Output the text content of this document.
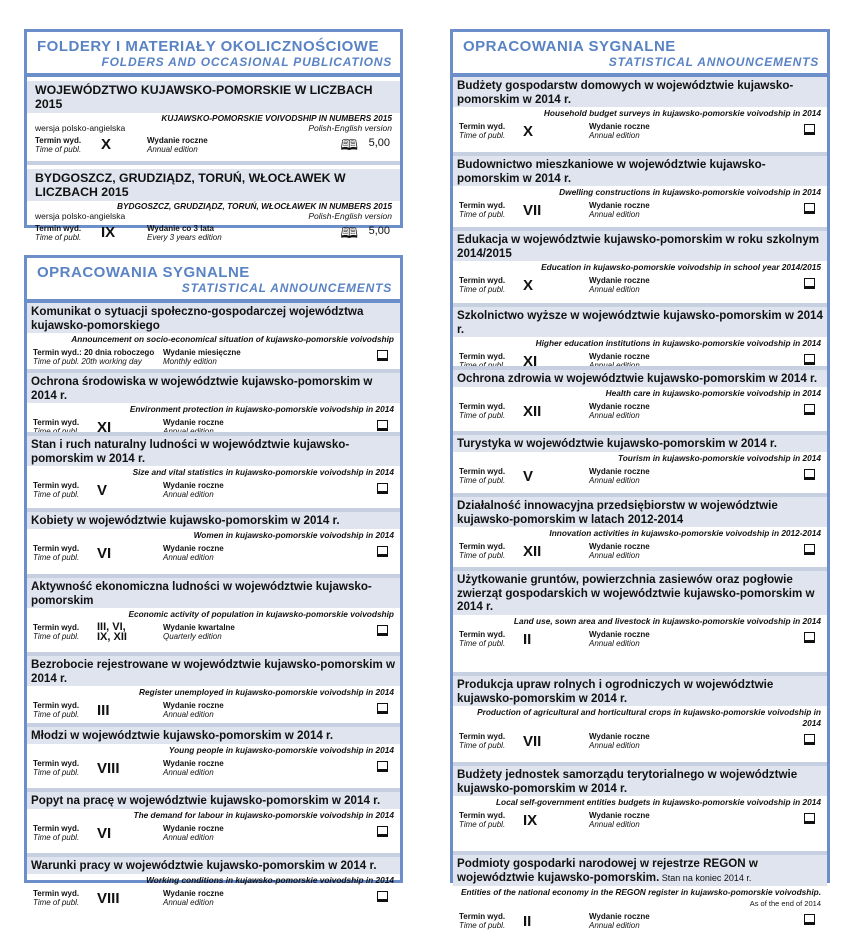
FOLDERY I MATERIAŁY OKOLICZNOŚCIOWE
FOLDERS AND OCCASIONAL PUBLICATIONS
WOJEWÓDZTWO KUJAWSKO-POMORSKIE W LICZBACH 2015
KUJAWSKO-POMORSKIE VOIVODSHIP IN NUMBERS 2015
wersja polsko-angielska	Polish-English version
Termin wyd.
Time of publ. X	Wydanie roczne
Annual edition	🕮 5,00
BYDGOSZCZ, GRUDZIĄDZ, TORUŃ, WŁOCŁAWEK W LICZBACH 2015
BYDGOSZCZ, GRUDZIĄDZ, TORUŃ, WŁOCŁAWEK IN NUMBERS 2015
wersja polsko-angielska	Polish-English version
Termin wyd.
Time of publ. IX	Wydanie co 3 lata
Every 3 years edition	🕮 5,00
OPRACOWANIA SYGNALNE
STATISTICAL ANNOUNCEMENTS
Komunikat o sytuacji społeczno-gospodarczej województwa kujawsko-pomorskiego
Announcement on socio-economical situation of kujawsko-pomorskie voivodship
Termin wyd.: 20 dnia roboczego
Time of publ. 20th working day
Wydanie miesięczne
Monthly edition
Ochrona środowiska w województwie kujawsko-pomorskim w 2014 r.
Environment protection in kujawsko-pomorskie voivodship in 2014
Termin wyd.
Time of publ. XI	Wydanie roczne
Annual edition
Stan i ruch naturalny ludności w województwie kujawsko-pomorskim w 2014 r.
Size and vital statistics in kujawsko-pomorskie voivodship in 2014
Termin wyd.
Time of publ. V	Wydanie roczne
Annual edition
Kobiety w województwie kujawsko-pomorskim w 2014 r.
Women in kujawsko-pomorskie voivodship in 2014
Termin wyd.
Time of publ. VI	Wydanie roczne
Annual edition
Aktywność ekonomiczna ludności w województwie kujawsko-pomorskim
Economic activity of population in kujawsko-pomorskie voivodship
Termin wyd.
Time of publ.
III, VI, IX, XII
Wydanie kwartalne
Quarterly edition
Bezrobocie rejestrowane w województwie kujawsko-pomorskim w 2014 r.
Register unemployed in kujawsko-pomorskie voivodship in 2014
Termin wyd.
Time of publ. III	Wydanie roczne
Annual edition
Młodzi w województwie kujawsko-pomorskim w 2014 r.
Young people in kujawsko-pomorskie voivodship in 2014
Termin wyd.
Time of publ. VIII	Wydanie roczne
Annual edition
Popyt na pracę w województwie kujawsko-pomorskim w 2014 r.
The demand for labour in kujawsko-pomorskie voivodship in 2014
Termin wyd.
Time of publ. VI	Wydanie roczne
Annual edition
Warunki pracy w województwie kujawsko-pomorskim w 2014 r.
Working conditions in kujawsko-pomorskie voivodship in 2014
Termin wyd.
Time of publ. VIII	Wydanie roczne
Annual edition
OPRACOWANIA SYGNALNE
STATISTICAL ANNOUNCEMENTS
Budżety gospodarstw domowych w województwie kujawsko-pomorskim w 2014 r.
Household budget surveys in kujawsko-pomorskie voivodship in 2014
Termin wyd.
Time of publ. X	Wydanie roczne
Annual edition
Budownictwo mieszkaniowe w województwie kujawsko-pomorskim w 2014 r.
Dwelling constructions in kujawsko-pomorskie voivodship in 2014
Termin wyd.
Time of publ. VII	Wydanie roczne
Annual edition
Edukacja w województwie kujawsko-pomorskim w roku szkolnym 2014/2015
Education in kujawsko-pomorskie voivodship in school year 2014/2015
Termin wyd.
Time of publ. X	Wydanie roczne
Annual edition
Szkolnictwo wyższe w województwie kujawsko-pomorskim w 2014 r.
Higher education institutions in kujawsko-pomorskie voivodship in 2014
Termin wyd.
Time of publ. XI	Wydanie roczne
Annual edition
Ochrona zdrowia w województwie kujawsko-pomorskim w 2014 r.
Health care in kujawsko-pomorskie voivodship in 2014
Termin wyd.
Time of publ. XII	Wydanie roczne
Annual edition
Turystyka w województwie kujawsko-pomorskim w 2014 r.
Tourism in kujawsko-pomorskie voivodship in 2014
Termin wyd.
Time of publ. V	Wydanie roczne
Annual edition
Działalność innowacyjna przedsiębiorstw w województwie kujawsko-pomorskim w latach 2012-2014
Innovation activities in kujawsko-pomorskie voivodship in 2012-2014
Termin wyd.
Time of publ. XII	Wydanie roczne
Annual edition
Użytkowanie gruntów, powierzchnia zasiewów oraz pogłowie zwierząt gospodarskich w województwie kujawsko-pomorskim w 2014 r.
Land use, sown area and livestock in kujawsko-pomorskie voivodship in 2014
Termin wyd.
Time of publ. II	Wydanie roczne
Annual edition
Produkcja upraw rolnych i ogrodniczych w województwie kujawsko-pomorskim w 2014 r.
Production of agricultural and horticultural crops in kujawsko-pomorskie voivodship in 2014
Termin wyd.
Time of publ. VII	Wydanie roczne
Annual edition
Budżety jednostek samorządu terytorialnego w województwie kujawsko-pomorskim w 2014 r.
Local self-government entities budgets in kujawsko-pomorskie voivodship in 2014
Termin wyd.
Time of publ. IX	Wydanie roczne
Annual edition
Podmioty gospodarki narodowej w rejestrze REGON w województwie kujawsko-pomorskim. Stan na koniec 2014 r.
Entities of the national economy in the REGON register in kujawsko-pomorskie voivodship. As of the end of 2014
Termin wyd.
Time of publ. II	Wydanie roczne
Annual edition
